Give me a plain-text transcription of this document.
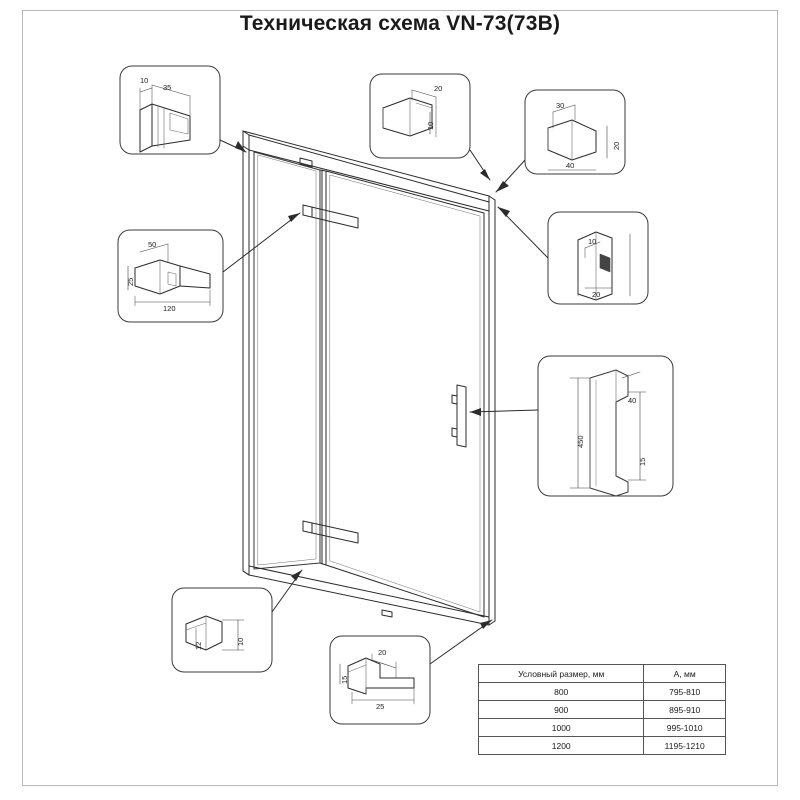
Техническая схема VN-73(73B)
10
35	20
10
30
40
20
25
50
120
10
20
450
40
15
12	10
15
20
25
Условный размер, мм	А, мм
800	795-810
900	895-910
1000	995-1010
1200	1195-1210
